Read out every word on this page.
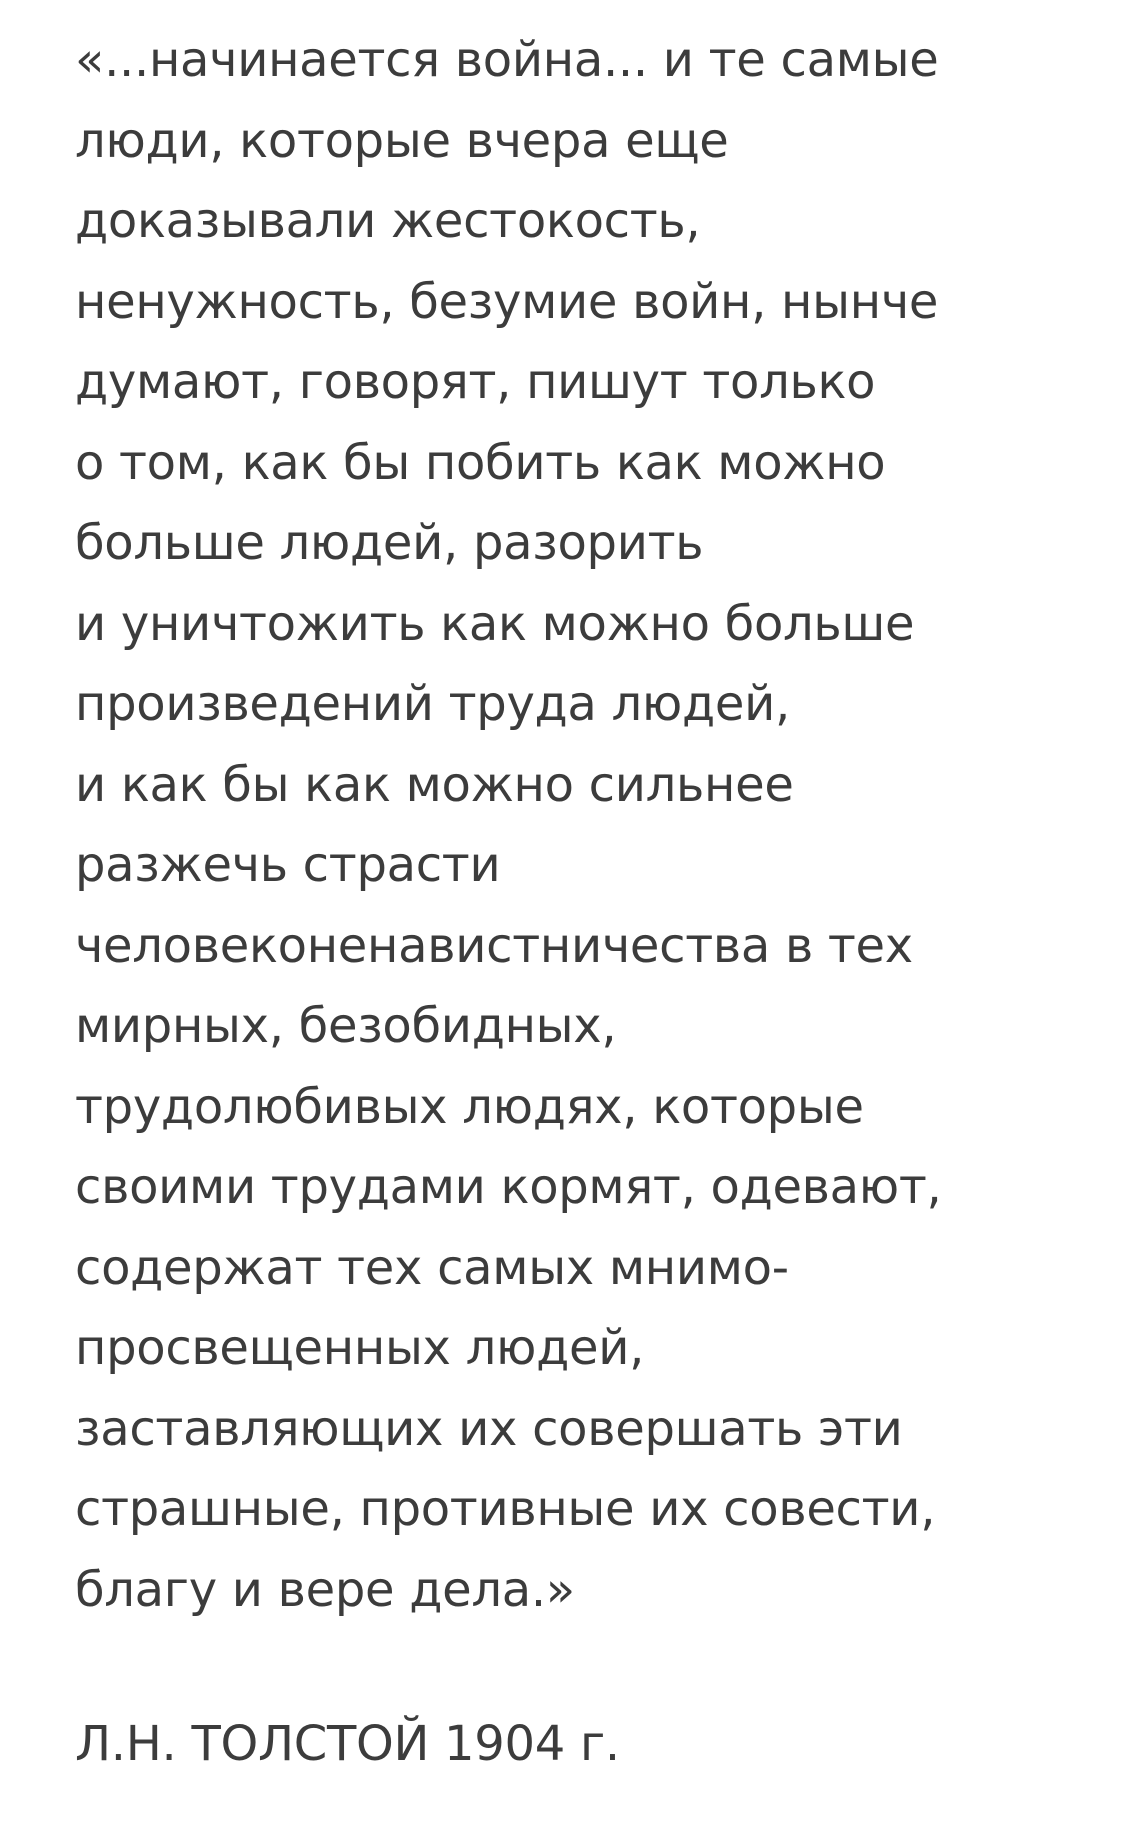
«...начинается война... и те самые
люди, которые вчера еще
доказывали жестокость,
ненужность, безумие войн, нынче
думают, говорят, пишут только
о том, как бы побить как можно
больше людей, разорить
и уничтожить как можно больше
произведений труда людей,
и как бы как можно сильнее
разжечь страсти
человеконенавистничества в тех
мирных, безобидных,
трудолюбивых людях, которые
своими трудами кормят, одевают,
содержат тех самых мнимо-
просвещенных людей,
заставляющих их совершать эти
страшные, противные их совести,
благу и вере дела.»
Л.Н. ТОЛСТОЙ 1904 г.
